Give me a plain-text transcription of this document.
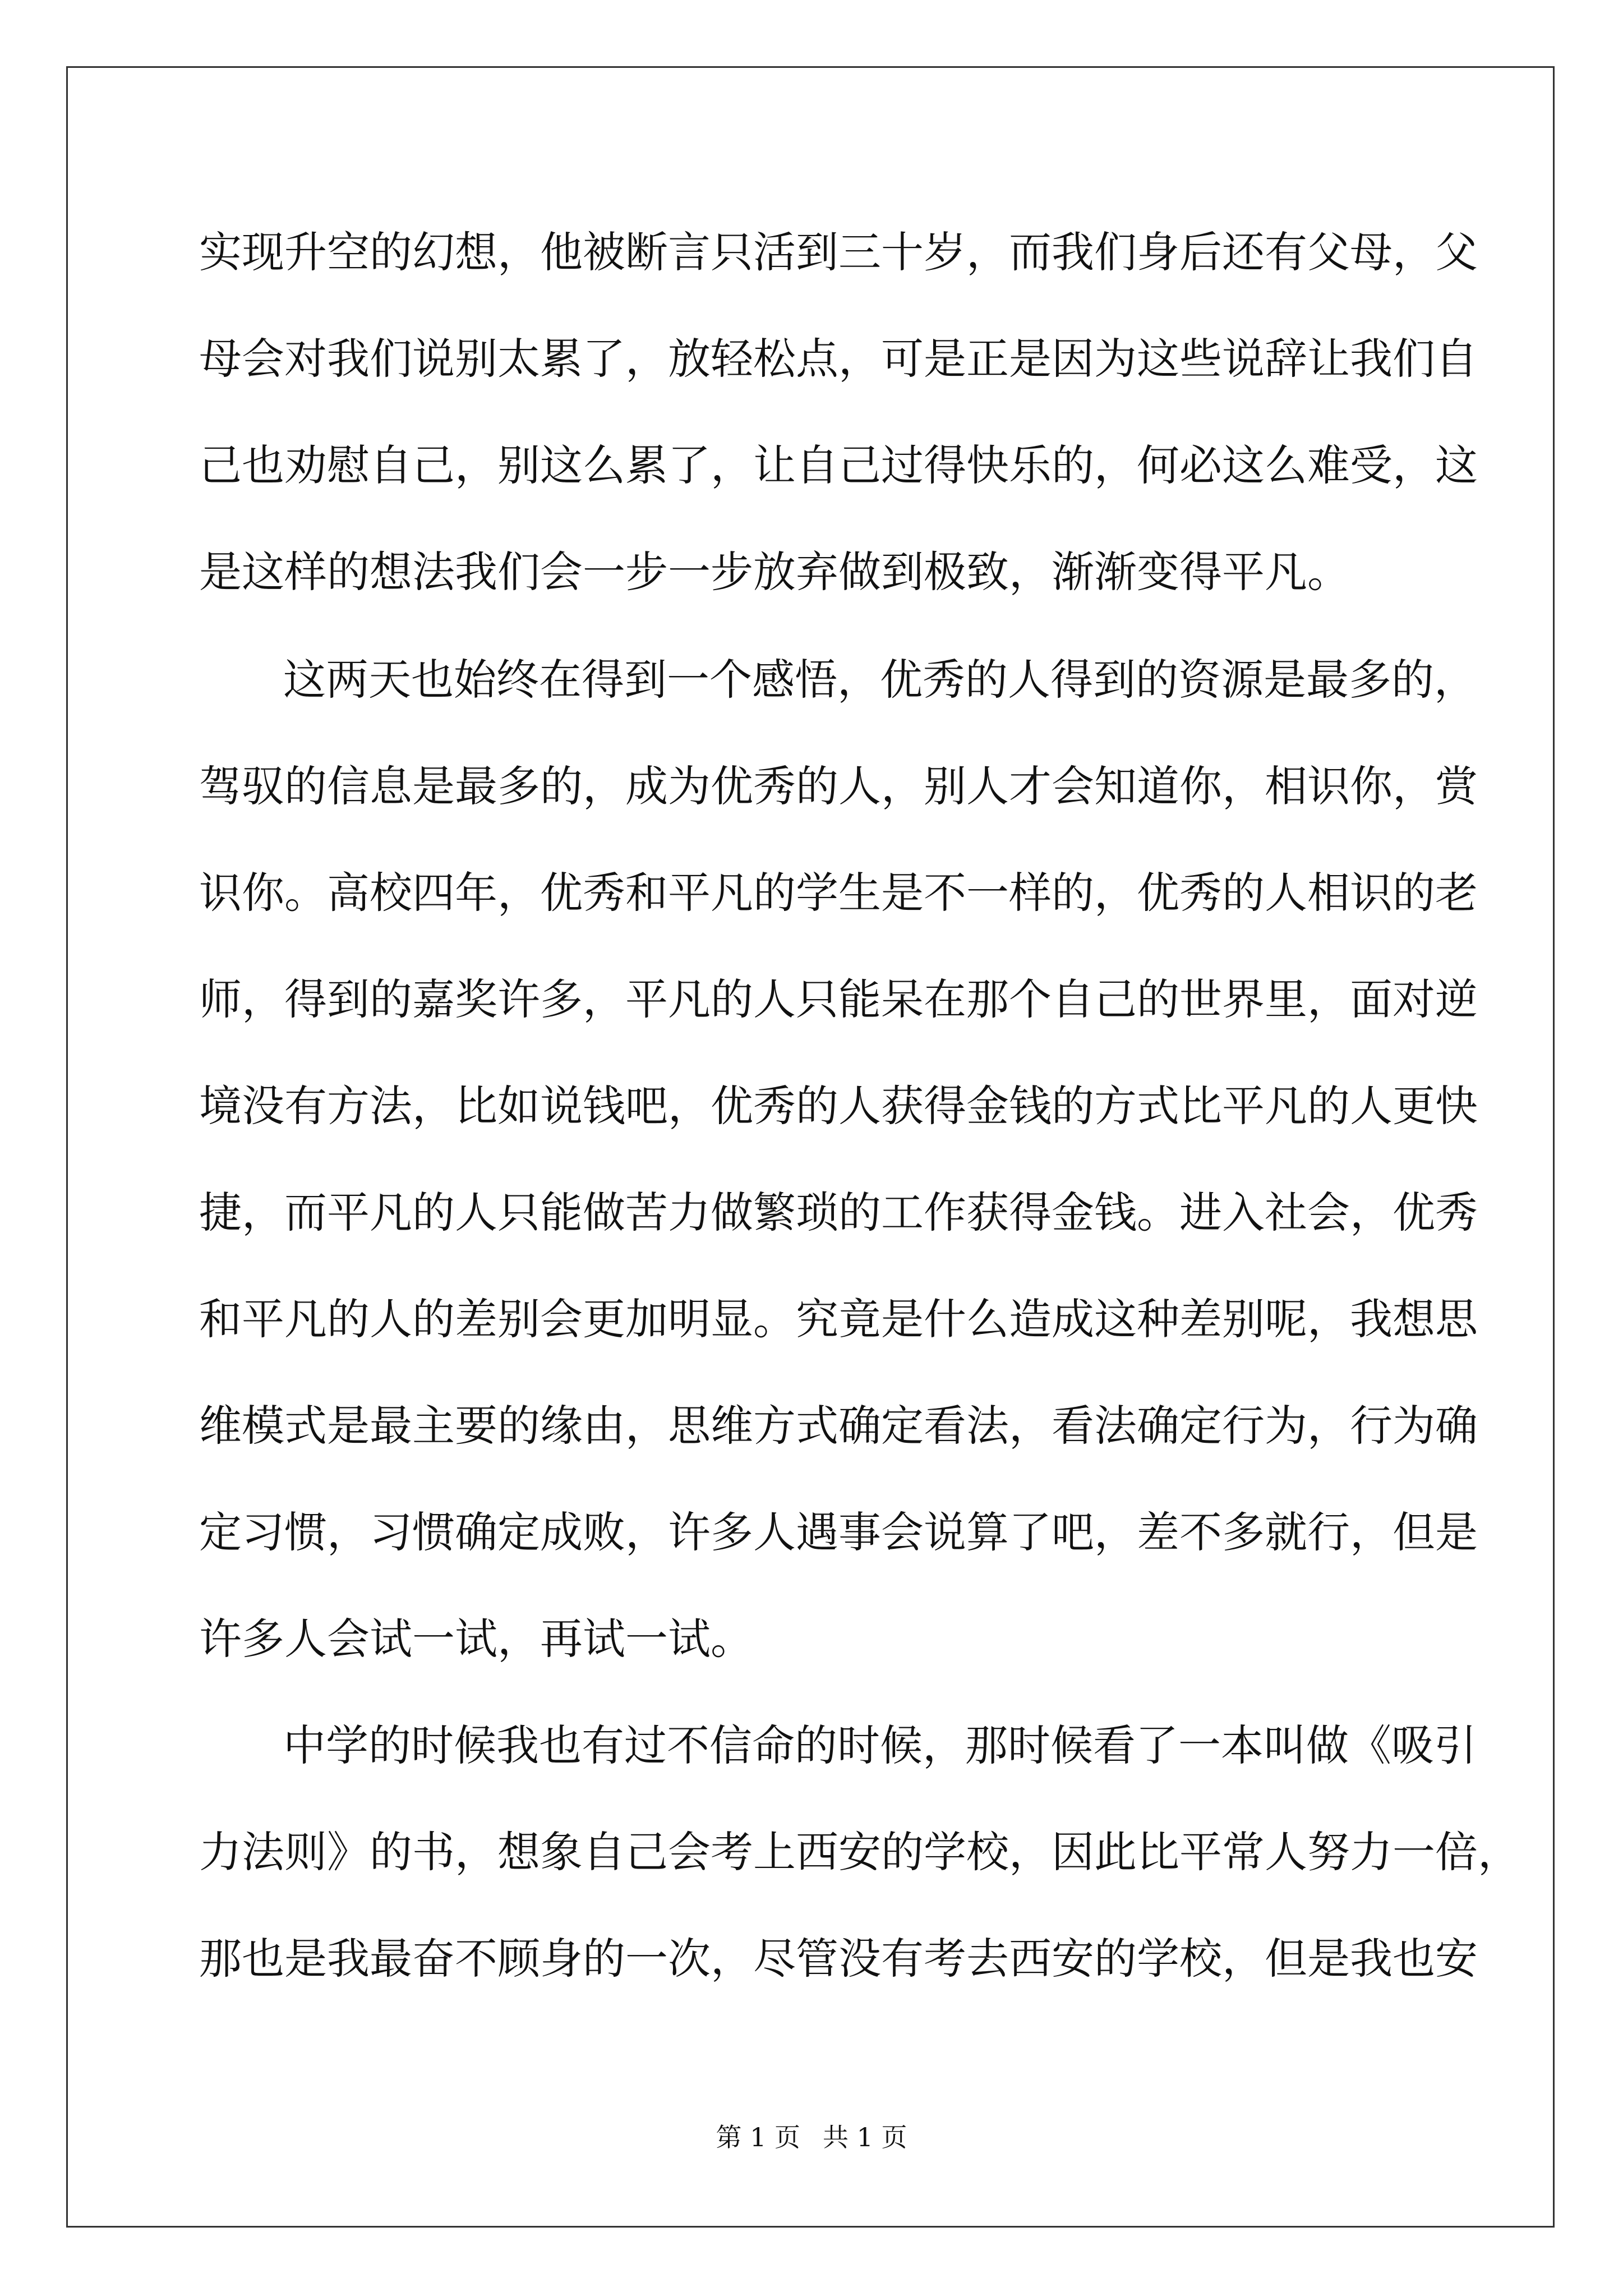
实现升空的幻想，他被断言只活到三十岁，而我们身后还有父母，父

母会对我们说别太累了，放轻松点，可是正是因为这些说辞让我们自

己也劝慰自己，别这么累了，让自己过得快乐的，何必这么难受，这

是这样的想法我们会一步一步放弃做到极致，渐渐变得平凡。

这两天也始终在得到一个感悟，优秀的人得到的资源是最多的，

驾驭的信息是最多的，成为优秀的人，别人才会知道你，相识你，赏

识你。高校四年，优秀和平凡的学生是不一样的，优秀的人相识的老

师，得到的嘉奖许多，平凡的人只能呆在那个自己的世界里，面对逆

境没有方法，比如说钱吧，优秀的人获得金钱的方式比平凡的人更快

捷，而平凡的人只能做苦力做繁琐的工作获得金钱。进入社会，优秀

和平凡的人的差别会更加明显。究竟是什么造成这种差别呢，我想思

维模式是最主要的缘由，思维方式确定看法，看法确定行为，行为确

定习惯，习惯确定成败，许多人遇事会说算了吧，差不多就行，但是

许多人会试一试，再试一试。

中学的时候我也有过不信命的时候，那时候看了一本叫做《吸引

力法则》的书，想象自己会考上西安的学校，因此比平常人努力一倍，

那也是我最奋不顾身的一次，尽管没有考去西安的学校，但是我也安

第 1 页 共 1 页
